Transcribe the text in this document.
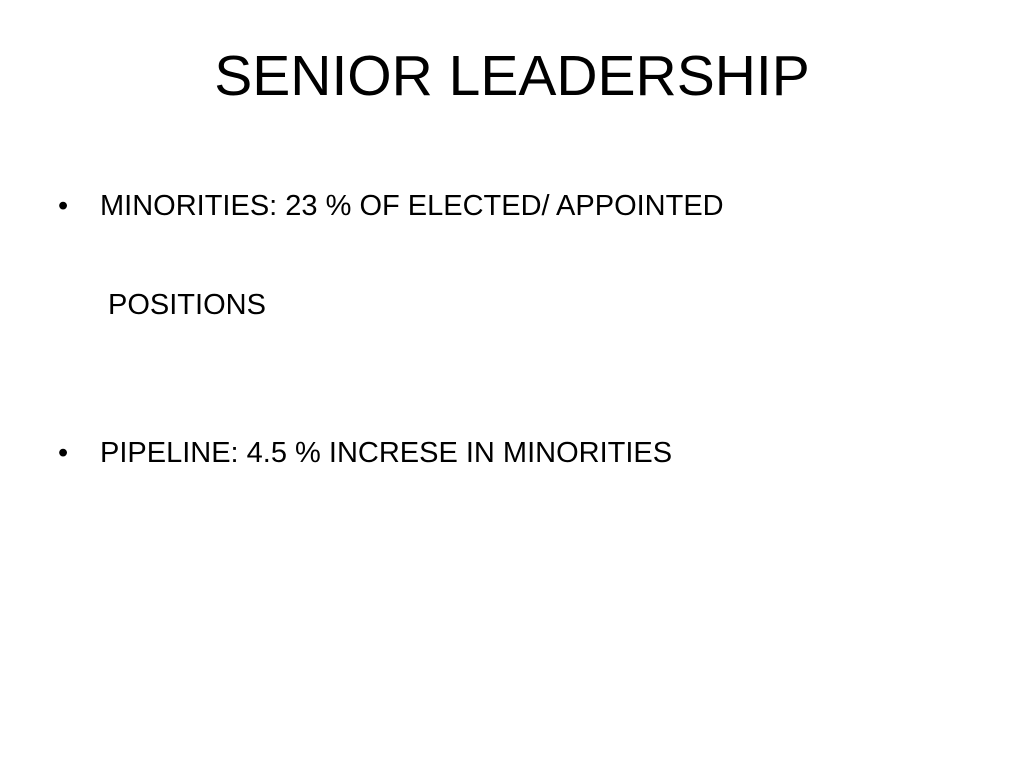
SENIOR LEADERSHIP
• MINORITIES: 23 % OF ELECTED/ APPOINTED
POSITIONS
• PIPELINE: 4.5 % INCRESE IN MINORITIES
